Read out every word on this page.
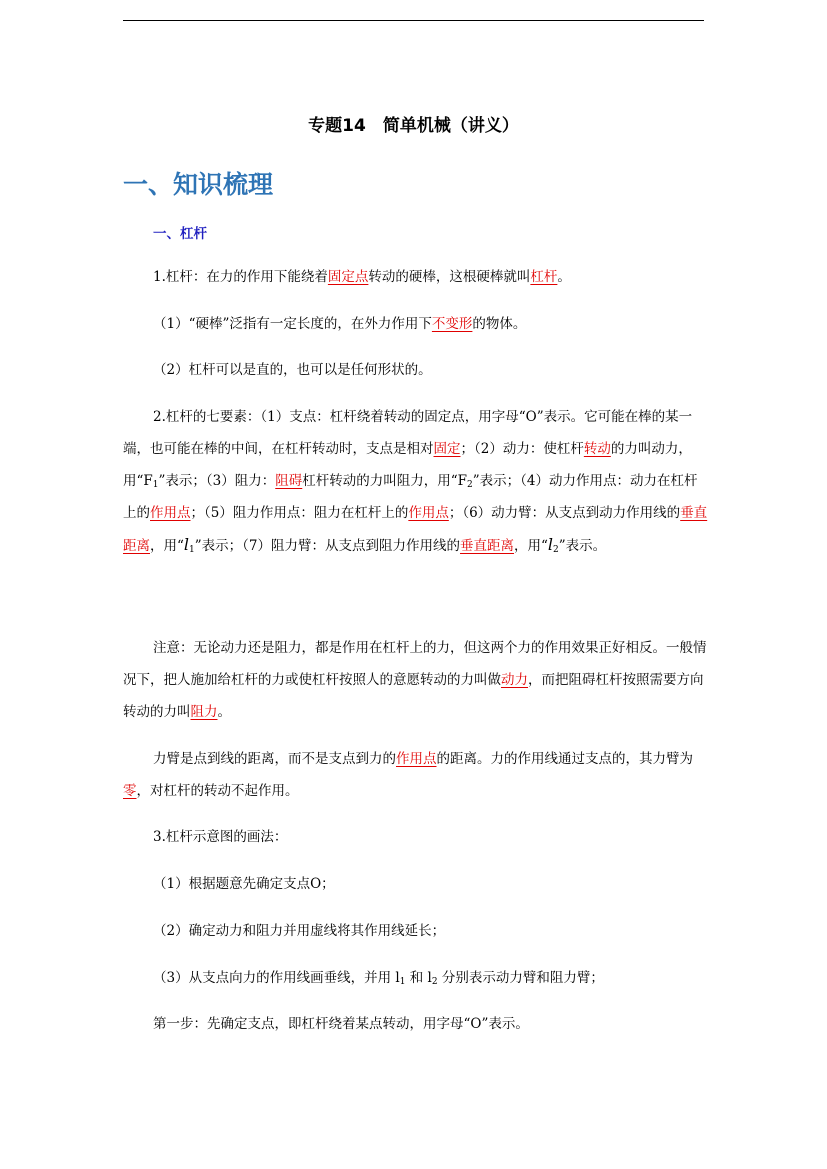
专题14　简单机械（讲义）
一、知识梳理
一、杠杆
1.杠杆：在力的作用下能绕着固定点转动的硬棒，这根硬棒就叫杠杆。
（1）“硬棒”泛指有一定长度的，在外力作用下不变形的物体。
（2）杠杆可以是直的，也可以是任何形状的。
2.杠杆的七要素：（1）支点：杠杆绕着转动的固定点，用字母“O”表示。它可能在棒的某一端，也可能在棒的中间，在杠杆转动时，支点是相对固定；（2）动力：使杠杆转动的力叫动力，用“$F_1$”表示；（3）阻力：阻碍杠杆转动的力叫阻力，用“$F_2$”表示；（4）动力作用点：动力在杠杆上的作用点；（5）阻力作用点：阻力在杠杆上的作用点；（6）动力臂：从支点到动力作用线的垂直距离，用“$l_1$”表示；（7）阻力臂：从支点到阻力作用线的垂直距离，用“$l_2$”表示。
注意：无论动力还是阻力，都是作用在杠杆上的力，但这两个力的作用效果正好相反。一般情况下，把人施加给杠杆的力或使杠杆按照人的意愿转动的力叫做动力，而把阻碍杠杆按照需要方向转动的力叫阻力。
力臂是点到线的距离，而不是支点到力的作用点的距离。力的作用线通过支点的，其力臂为零，对杠杆的转动不起作用。
3.杠杆示意图的画法：
（1）根据题意先确定支点O；
（2）确定动力和阻力并用虚线将其作用线延长；
（3）从支点向力的作用线画垂线，并用 $l_1$ 和 $l_2$ 分别表示动力臂和阻力臂；
第一步：先确定支点，即杠杆绕着某点转动，用字母“O”表示。
